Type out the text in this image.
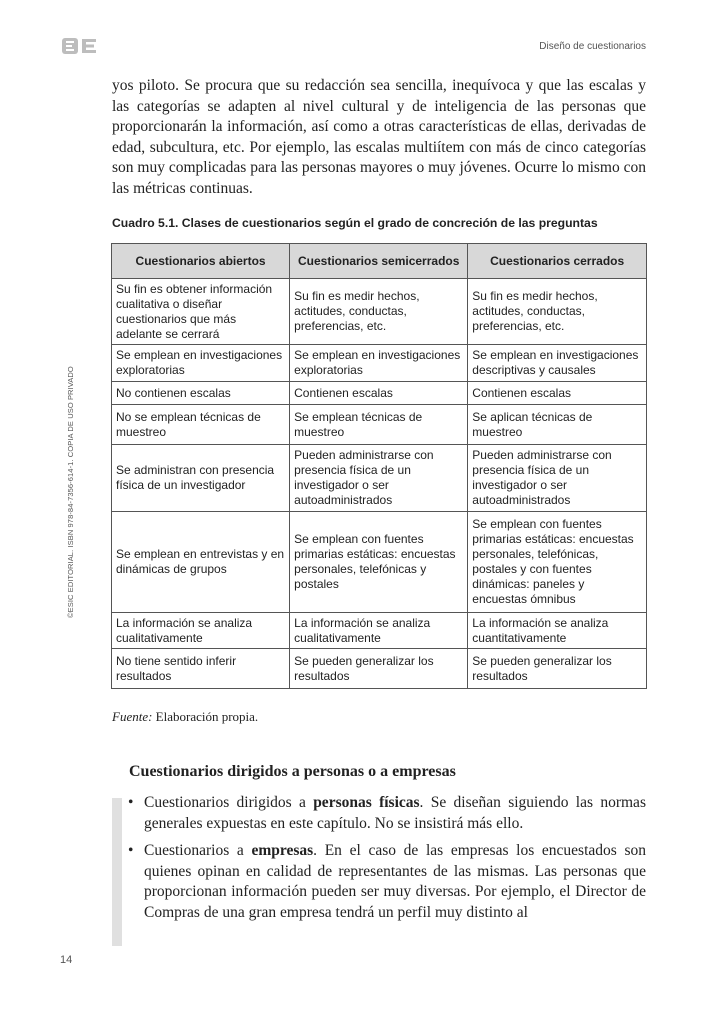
Diseño de cuestionarios
©ESIC EDITORIAL. ISBN 978-84-7356-614-1. COPIA DE USO PRIVADO

yos piloto. Se procura que su redacción sea sencilla, inequívoca y que las escalas y las categorías se adapten al nivel cultural y de inteligencia de las personas que proporcionarán la información, así como a otras características de ellas, derivadas de edad, subcultura, etc. Por ejemplo, las escalas multiítem con más de cinco categorías son muy complicadas para las personas mayores o muy jóvenes. Ocurre lo mismo con las métricas continuas.

Cuadro 5.1. Clases de cuestionarios según el grado de concreción de las preguntas

Cuestionarios abiertos	Cuestionarios semicerrados	Cuestionarios cerrados
Su fin es obtener información cualitativa o diseñar cuestionarios que más adelante se cerrará	Su fin es medir hechos, actitudes, conductas, preferencias, etc.	Su fin es medir hechos, actitudes, conductas, preferencias, etc.
Se emplean en investigaciones exploratorias	Se emplean en investigaciones exploratorias	Se emplean en investigaciones descriptivas y causales
No contienen escalas	Contienen escalas	Contienen escalas
No se emplean técnicas de muestreo	Se emplean técnicas de muestreo	Se aplican técnicas de muestreo
Se administran con presencia física de un investigador	Pueden administrarse con presencia física de un investigador o ser autoadministrados	Pueden administrarse con presencia física de un investigador o ser autoadministrados
Se emplean en entrevistas y en dinámicas de grupos	Se emplean con fuentes primarias estáticas: encuestas personales, telefónicas y postales	Se emplean con fuentes primarias estáticas: encuestas personales, telefónicas, postales y con fuentes dinámicas: paneles y encuestas ómnibus
La información se analiza cualitativamente	La información se analiza cualitativamente	La información se analiza cuantitativamente
No tiene sentido inferir resultados	Se pueden generalizar los resultados	Se pueden generalizar los resultados

Fuente: Elaboración propia.

Cuestionarios dirigidos a personas o a empresas
• Cuestionarios dirigidos a personas físicas. Se diseñan siguiendo las normas generales expuestas en este capítulo. No se insistirá más ello.
• Cuestionarios a empresas. En el caso de las empresas los encuestados son quienes opinan en calidad de representantes de las mismas. Las personas que proporcionan información pueden ser muy diversas. Por ejemplo, el Director de Compras de una gran empresa tendrá un perfil muy distinto al
14
